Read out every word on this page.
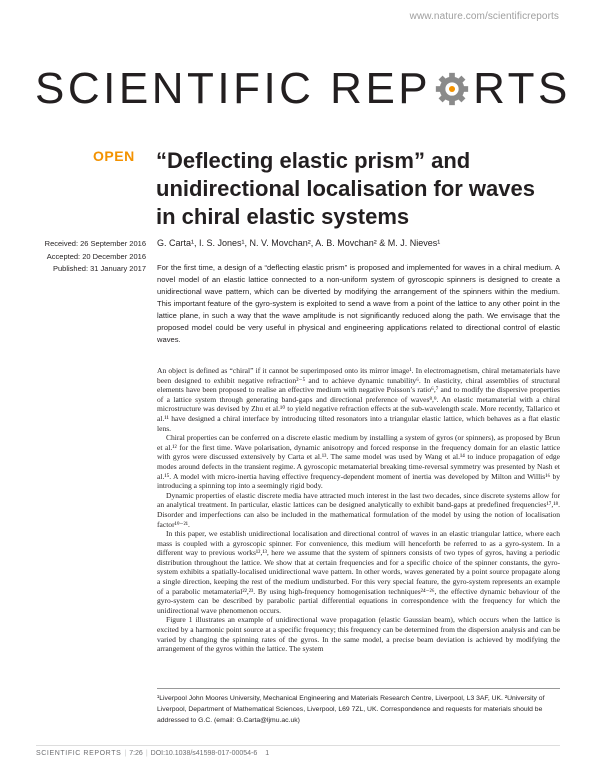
www.nature.com/scientificreports
SCIENTIFIC REP RTS
OPEN “Deflecting elastic prism” and unidirectional localisation for waves in chiral elastic systems
Received: 26 September 2016
Accepted: 20 December 2016
Published: 31 January 2017
G. Carta¹, I. S. Jones¹, N. V. Movchan², A. B. Movchan² & M. J. Nieves¹

For the first time, a design of a “deflecting elastic prism” is proposed and implemented for waves in a chiral medium. A novel model of an elastic lattice connected to a non-uniform system of gyroscopic spinners is designed to create a unidirectional wave pattern, which can be diverted by modifying the arrangement of the spinners within the medium. This important feature of the gyro-system is exploited to send a wave from a point of the lattice to any other point in the lattice plane, in such a way that the wave amplitude is not significantly reduced along the path. We envisage that the proposed model could be very useful in physical and engineering applications related to directional control of elastic waves.

An object is defined as “chiral” if it cannot be superimposed onto its mirror image¹. In electromagnetism, chiral metamaterials have been designed to exhibit negative refraction²⁻⁵ and to achieve dynamic tunability⁶. In elasticity, chiral assemblies of structural elements have been proposed to realise an effective medium with negative Poisson’s ratio⁶,⁷ and to modify the dispersive properties of a lattice system through generating band-gaps and directional preference of waves⁸,⁹. An elastic metamaterial with a chiral microstructure was devised by Zhu et al.¹⁰ to yield negative refraction effects at the sub-wavelength scale. More recently, Tallarico et al.¹¹ have designed a chiral interface by introducing tilted resonators into a triangular elastic lattice, which behaves as a flat elastic lens.

Chiral properties can be conferred on a discrete elastic medium by installing a system of gyros (or spinners), as proposed by Brun et al.¹² for the first time. Wave polarisation, dynamic anisotropy and forced response in the frequency domain for an elastic lattice with gyros were discussed extensively by Carta et al.¹³. The same model was used by Wang et al.¹⁴ to induce propagation of edge modes around defects in the transient regime. A gyroscopic metamaterial breaking time-reversal symmetry was presented by Nash et al.¹⁵. A model with micro-inertia having effective frequency-dependent moment of inertia was developed by Milton and Willis¹⁶ by introducing a spinning top into a seemingly rigid body.

Dynamic properties of elastic discrete media have attracted much interest in the last two decades, since discrete systems allow for an analytical treatment. In particular, elastic lattices can be designed analytically to exhibit band-gaps at predefined frequencies¹⁷,¹⁸. Disorder and imperfections can also be included in the mathematical formulation of the model by using the notion of localisation factor¹⁹⁻²¹.

In this paper, we establish unidirectional localisation and directional control of waves in an elastic triangular lattice, where each mass is coupled with a gyroscopic spinner. For convenience, this medium will henceforth be referred to as a gyro-system. In a different way to previous works¹²,¹³, here we assume that the system of spinners consists of two types of gyros, having a periodic distribution throughout the lattice. We show that at certain frequencies and for a specific choice of the spinner constants, the gyro-system exhibits a spatially-localised unidirectional wave pattern. In other words, waves generated by a point source propagate along a single direction, keeping the rest of the medium undisturbed. For this very special feature, the gyro-system represents an example of a parabolic metamaterial²²,²³. By using high-frequency homogenisation techniques²⁴⁻²⁶, the effective dynamic behaviour of the gyro-system can be described by parabolic partial differential equations in correspondence with the frequency for which the unidirectional wave phenomenon occurs.

Figure 1 illustrates an example of unidirectional wave propagation (elastic Gaussian beam), which occurs when the lattice is excited by a harmonic point source at a specific frequency; this frequency can be determined from the dispersion analysis and can be varied by changing the spinning rates of the gyros. In the same model, a precise beam deviation is achieved by modifying the arrangement of the gyros within the lattice. The system

¹Liverpool John Moores University, Mechanical Engineering and Materials Research Centre, Liverpool, L3 3AF, UK. ²University of Liverpool, Department of Mathematical Sciences, Liverpool, L69 7ZL, UK. Correspondence and requests for materials should be addressed to G.C. (email: G.Carta@ljmu.ac.uk)

SCIENTIFIC REPORTS | 7:26 | DOI:10.1038/s41598-017-00054-6 1
